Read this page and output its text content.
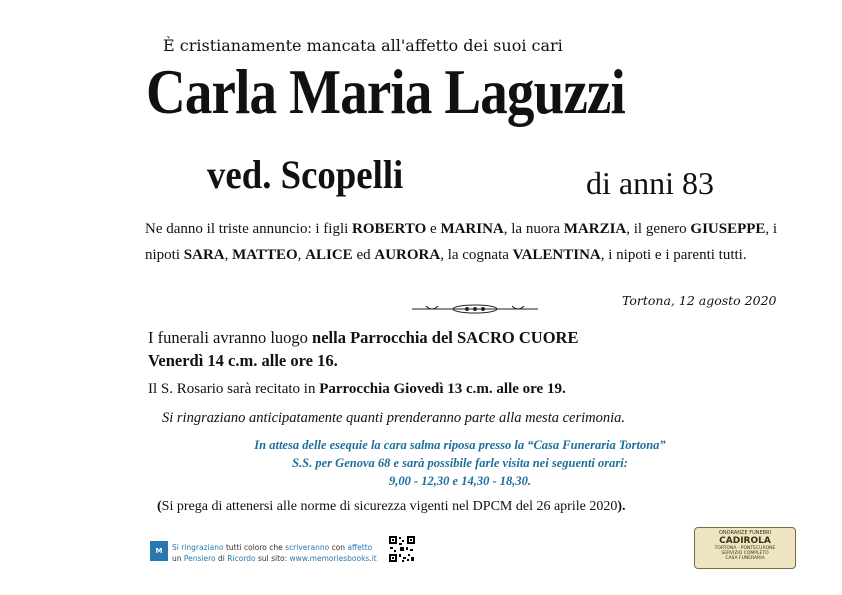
È cristianamente mancata all'affetto dei suoi cari
Carla Maria Laguzzi
ved. Scopelli	di anni 83
Ne danno il triste annuncio: i figli ROBERTO e MARINA, la nuora MARZIA, il genero GIUSEPPE, i nipoti SARA, MATTEO, ALICE ed AURORA, la cognata VALENTINA, i nipoti e i parenti tutti.
Tortona, 12 agosto 2020
I funerali avranno luogo nella Parrocchia del SACRO CUORE
Venerdì 14 c.m. alle ore 16.
Il S. Rosario sarà recitato in Parrocchia Giovedì 13 c.m. alle ore 19.
Si ringraziano anticipatamente quanti prenderanno parte alla mesta cerimonia.
In attesa delle esequie la cara salma riposa presso la “Casa Funeraria Tortona”
S.S. per Genova 68 e sarà possibile farle visita nei seguenti orari:
9,00 - 12,30 e 14,30 - 18,30.
(Si prega di attenersi alle norme di sicurezza vigenti nel DPCM del 26 aprile 2020).
M	Si ringraziano tutti coloro che scriveranno con affetto
un Pensiero di Ricordo sul sito: www.memoriesbooks.it
ONORANZE FUNEBRI
CADIROLA
TORTONA · PONTECURONE
SERVIZIO COMPLETO
CASA FUNERARIA
